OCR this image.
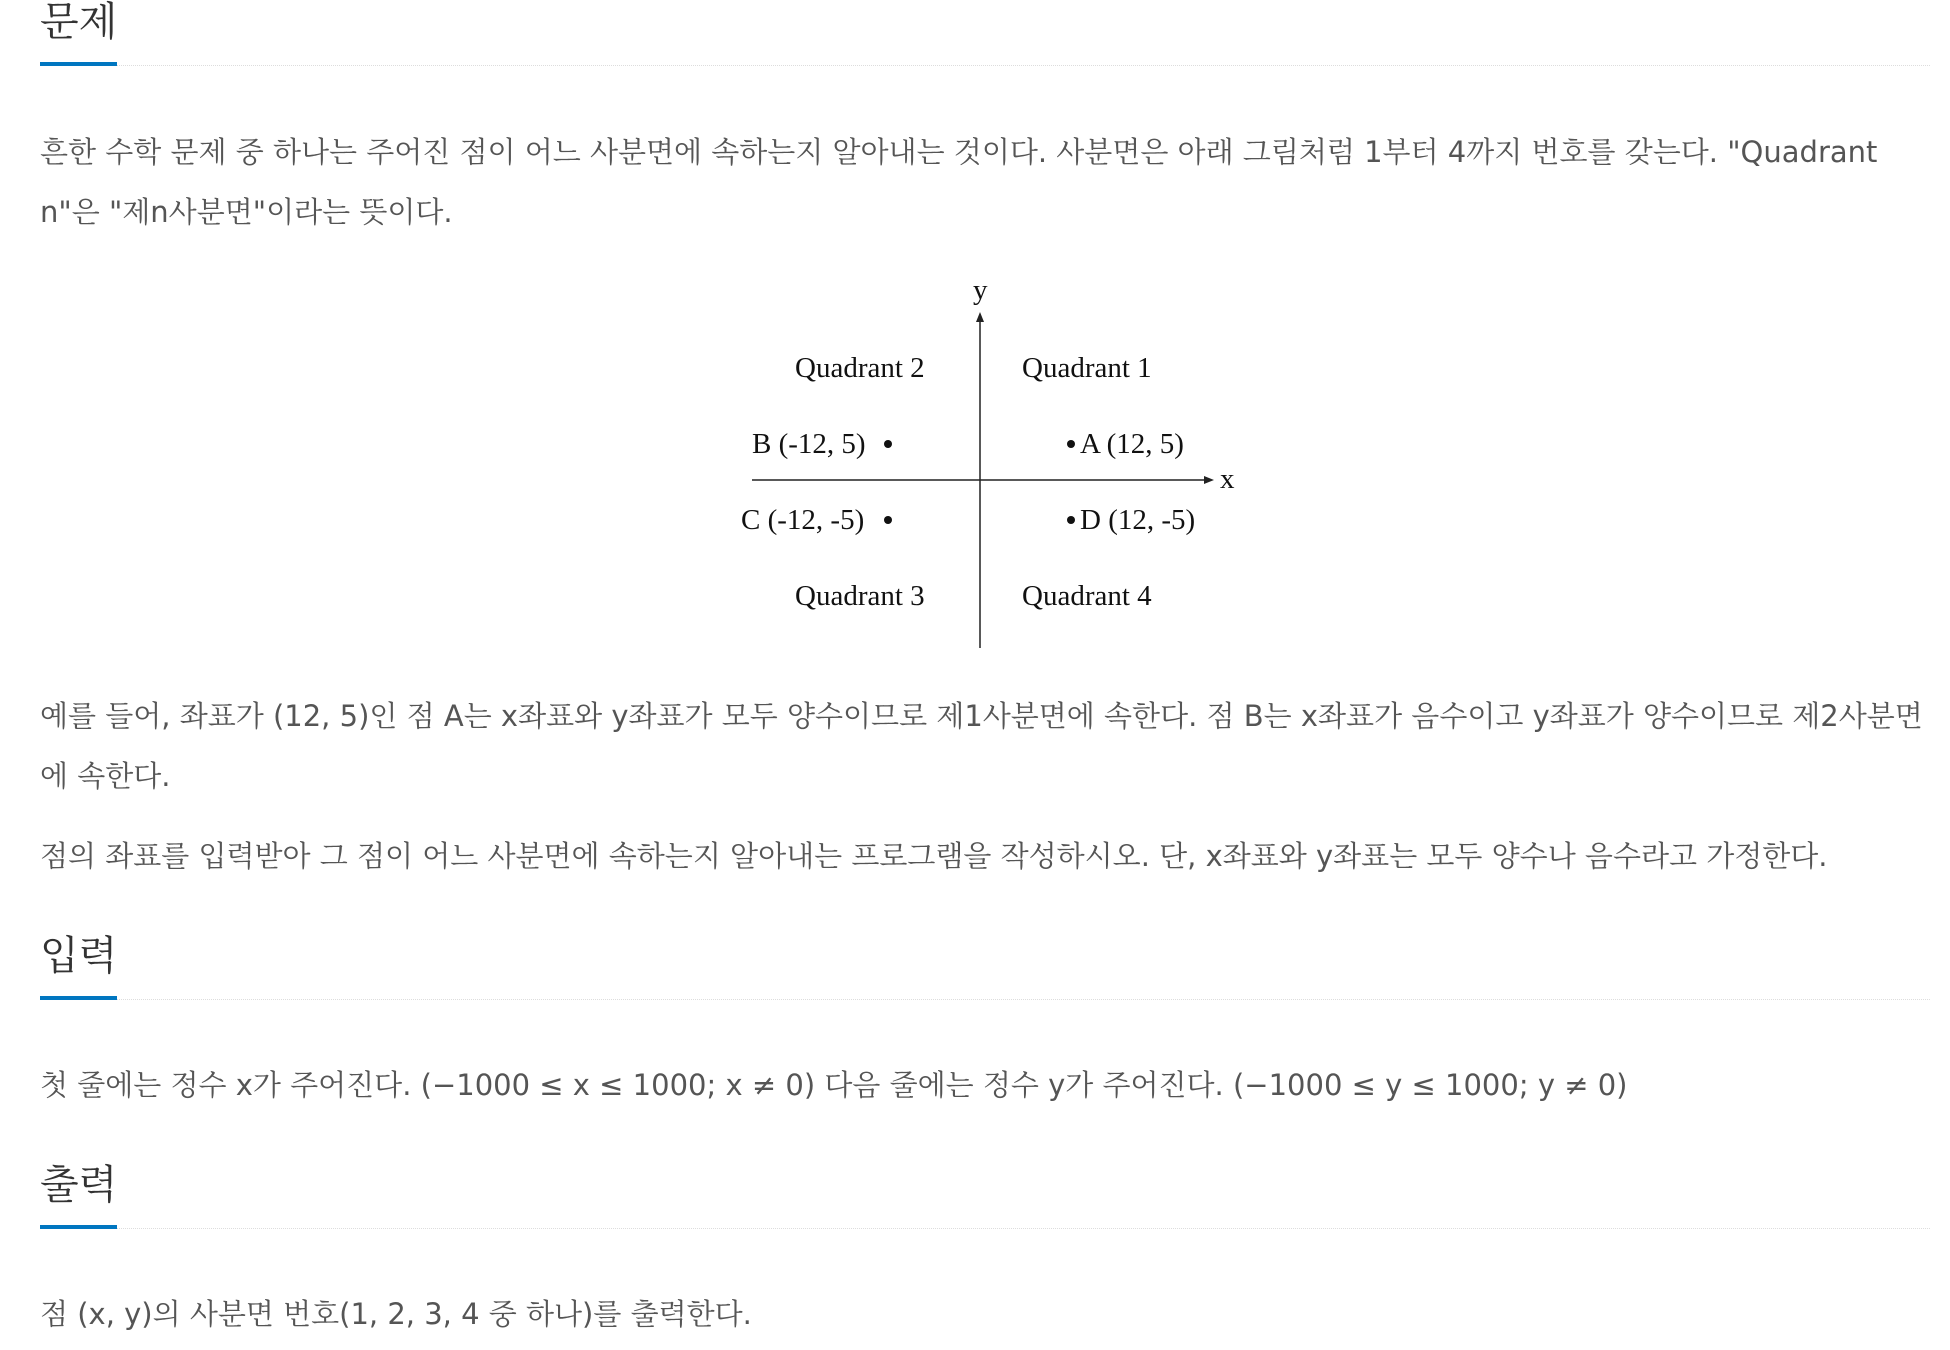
문제

흔한 수학 문제 중 하나는 주어진 점이 어느 사분면에 속하는지 알아내는 것이다. 사분면은 아래 그림처럼 1부터 4까지 번호를 갖는다. "Quadrant n"은 "제n사분면"이라는 뜻이다.

y
x
Quadrant 2	Quadrant 1
Quadrant 3	Quadrant 4
B (-12, 5)	A (12, 5)
C (-12, -5)	D (12, -5)

예를 들어, 좌표가 (12, 5)인 점 A는 x좌표와 y좌표가 모두 양수이므로 제1사분면에 속한다. 점 B는 x좌표가 음수이고 y좌표가 양수이므로 제2사분면에 속한다.

점의 좌표를 입력받아 그 점이 어느 사분면에 속하는지 알아내는 프로그램을 작성하시오. 단, x좌표와 y좌표는 모두 양수나 음수라고 가정한다.

입력

첫 줄에는 정수 x가 주어진다. (−1000 ≤ x ≤ 1000; x ≠ 0) 다음 줄에는 정수 y가 주어진다. (−1000 ≤ y ≤ 1000; y ≠ 0)

출력

점 (x, y)의 사분면 번호(1, 2, 3, 4 중 하나)를 출력한다.
